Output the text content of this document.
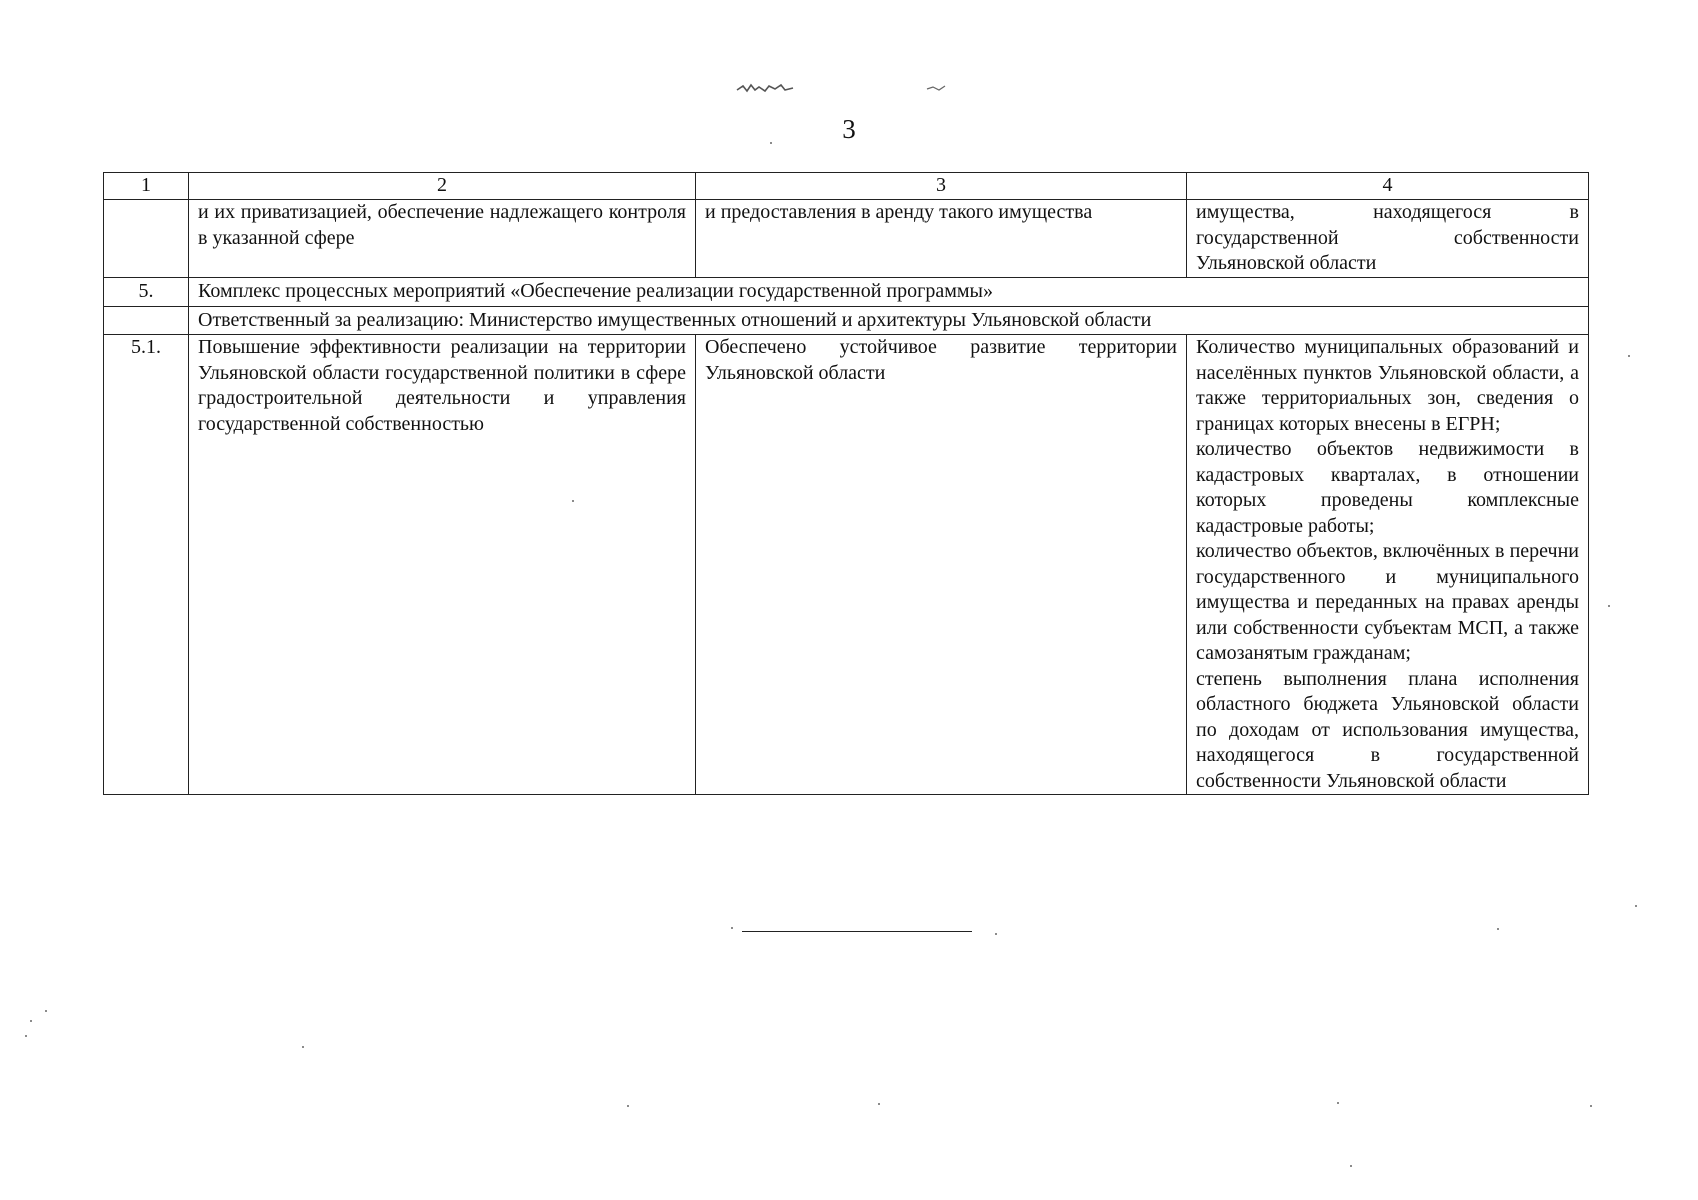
3
1	2	3	4
	и их приватизацией, обеспечение надлежащего контроля в указанной сфере	и предоставления в аренду такого имущества	имущества, находящегося в государственной собственности Ульяновской области
5.	Комплекс процессных мероприятий «Обеспечение реализации государственной программы»		
	Ответственный за реализацию: Министерство имущественных отношений и архитектуры Ульяновской области		
5.1.	Повышение эффективности реализации на территории Ульяновской области государственной политики в сфере градостроительной деятельности и управления государственной собственностью	Обеспечено устойчивое развитие территории Ульяновской области	Количество муниципальных образований и населённых пунктов Ульяновской области, а также территориальных зон, сведения о границах которых внесены в ЕГРН;
количество объектов недвижимости в кадастровых кварталах, в отношении которых проведены комплексные кадастровые работы;
количество объектов, включённых в перечни государственного и муниципального имущества и переданных на правах аренды или собственности субъектам МСП, а также самозанятым гражданам;
степень выполнения плана исполнения областного бюджета Ульяновской области по доходам от использования имущества, находящегося в государственной собственности Ульяновской области
